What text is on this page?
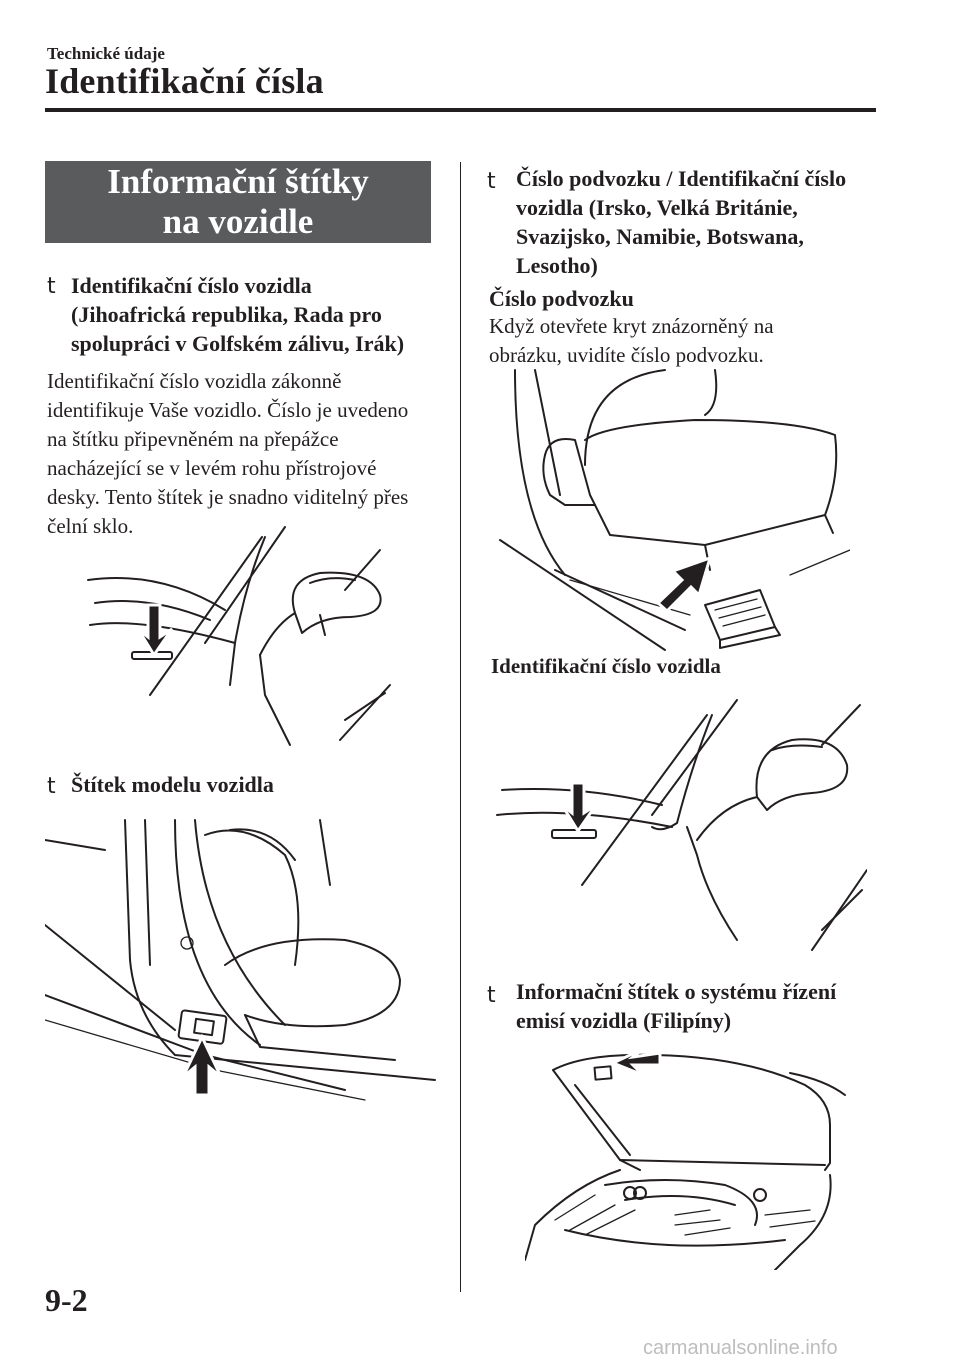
Technické údaje
Identifikační čísla
Informační štítky na vozidle
t Identifikační číslo vozidla
(Jihoafrická republika, Rada pro
spolupráci v Golfském zálivu, Irák)
Identifikační číslo vozidla zákonně
identifikuje Vaše vozidlo. Číslo je uvedeno
na štítku připevněném na přepážce
nacházející se v levém rohu přístrojové
desky. Tento štítek je snadno viditelný přes
čelní sklo.
t Štítek modelu vozidla
t Číslo podvozku / Identifikační číslo
vozidla (Irsko, Velká Británie,
Svazijsko, Namibie, Botswana,
Lesotho)
Číslo podvozku
Když otevřete kryt znázorněný na
obrázku, uvidíte číslo podvozku.
Identifikační číslo vozidla
t Informační štítek o systému řízení
emisí vozidla (Filipíny)
9-2
carmanualsonline.info
